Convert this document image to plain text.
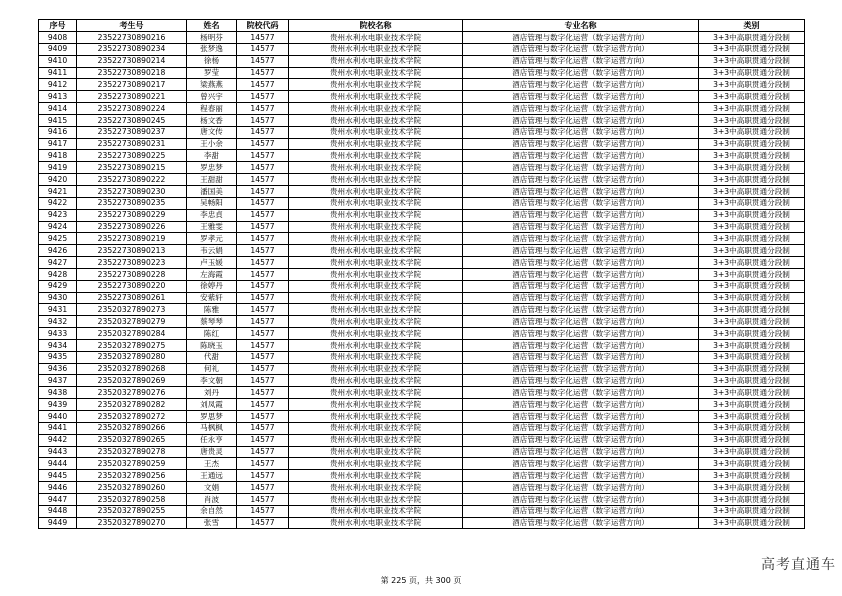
序号	考生号	姓名	院校代码	院校名称	专业名称	类别
9408	23522730890216	杨明芬	14577	贵州水利水电职业技术学院	酒店管理与数字化运营（数字运营方向）	3+3中高职贯通分段制
9409	23522730890234	张梦逸	14577	贵州水利水电职业技术学院	酒店管理与数字化运营（数字运营方向）	3+3中高职贯通分段制
9410	23522730890214	徐杨	14577	贵州水利水电职业技术学院	酒店管理与数字化运营（数字运营方向）	3+3中高职贯通分段制
9411	23522730890218	罗莹	14577	贵州水利水电职业技术学院	酒店管理与数字化运营（数字运营方向）	3+3中高职贯通分段制
9412	23522730890217	梁燕燕	14577	贵州水利水电职业技术学院	酒店管理与数字化运营（数字运营方向）	3+3中高职贯通分段制
9413	23522730890221	曾兴宇	14577	贵州水利水电职业技术学院	酒店管理与数字化运营（数字运营方向）	3+3中高职贯通分段制
9414	23522730890224	程春丽	14577	贵州水利水电职业技术学院	酒店管理与数字化运营（数字运营方向）	3+3中高职贯通分段制
9415	23522730890245	杨文香	14577	贵州水利水电职业技术学院	酒店管理与数字化运营（数字运营方向）	3+3中高职贯通分段制
9416	23522730890237	唐文传	14577	贵州水利水电职业技术学院	酒店管理与数字化运营（数字运营方向）	3+3中高职贯通分段制
9417	23522730890231	王小余	14577	贵州水利水电职业技术学院	酒店管理与数字化运营（数字运营方向）	3+3中高职贯通分段制
9418	23522730890225	李甜	14577	贵州水利水电职业技术学院	酒店管理与数字化运营（数字运营方向）	3+3中高职贯通分段制
9419	23522730890215	罗忠梦	14577	贵州水利水电职业技术学院	酒店管理与数字化运营（数字运营方向）	3+3中高职贯通分段制
9420	23522730890222	王甜甜	14577	贵州水利水电职业技术学院	酒店管理与数字化运营（数字运营方向）	3+3中高职贯通分段制
9421	23522730890230	潘国美	14577	贵州水利水电职业技术学院	酒店管理与数字化运营（数字运营方向）	3+3中高职贯通分段制
9422	23522730890235	吴畅阳	14577	贵州水利水电职业技术学院	酒店管理与数字化运营（数字运营方向）	3+3中高职贯通分段制
9423	23522730890229	李忠貞	14577	贵州水利水电职业技术学院	酒店管理与数字化运营（数字运营方向）	3+3中高职贯通分段制
9424	23522730890226	王雅雯	14577	贵州水利水电职业技术学院	酒店管理与数字化运营（数字运营方向）	3+3中高职贯通分段制
9425	23522730890219	罗孝元	14577	贵州水利水电职业技术学院	酒店管理与数字化运营（数字运营方向）	3+3中高职贯通分段制
9426	23522730890213	韦云娟	14577	贵州水利水电职业技术学院	酒店管理与数字化运营（数字运营方向）	3+3中高职贯通分段制
9427	23522730890223	卢玉媛	14577	贵州水利水电职业技术学院	酒店管理与数字化运营（数字运营方向）	3+3中高职贯通分段制
9428	23522730890228	左海霞	14577	贵州水利水电职业技术学院	酒店管理与数字化运营（数字运营方向）	3+3中高职贯通分段制
9429	23522730890220	徐婷丹	14577	贵州水利水电职业技术学院	酒店管理与数字化运营（数字运营方向）	3+3中高职贯通分段制
9430	23522730890261	安紫轩	14577	贵州水利水电职业技术学院	酒店管理与数字化运营（数字运营方向）	3+3中高职贯通分段制
9431	23520327890273	陈雅	14577	贵州水利水电职业技术学院	酒店管理与数字化运营（数字运营方向）	3+3中高职贯通分段制
9432	23520327890279	蔡琴琴	14577	贵州水利水电职业技术学院	酒店管理与数字化运营（数字运营方向）	3+3中高职贯通分段制
9433	23520327890284	陈红	14577	贵州水利水电职业技术学院	酒店管理与数字化运营（数字运营方向）	3+3中高职贯通分段制
9434	23520327890275	陈晓玉	14577	贵州水利水电职业技术学院	酒店管理与数字化运营（数字运营方向）	3+3中高职贯通分段制
9435	23520327890280	代甜	14577	贵州水利水电职业技术学院	酒店管理与数字化运营（数字运营方向）	3+3中高职贯通分段制
9436	23520327890268	何礼	14577	贵州水利水电职业技术学院	酒店管理与数字化运营（数字运营方向）	3+3中高职贯通分段制
9437	23520327890269	李文朝	14577	贵州水利水电职业技术学院	酒店管理与数字化运营（数字运营方向）	3+3中高职贯通分段制
9438	23520327890276	刘丹	14577	贵州水利水电职业技术学院	酒店管理与数字化运营（数字运营方向）	3+3中高职贯通分段制
9439	23520327890282	刘凤霞	14577	贵州水利水电职业技术学院	酒店管理与数字化运营（数字运营方向）	3+3中高职贯通分段制
9440	23520327890272	罗思梦	14577	贵州水利水电职业技术学院	酒店管理与数字化运营（数字运营方向）	3+3中高职贯通分段制
9441	23520327890266	马枫枫	14577	贵州水利水电职业技术学院	酒店管理与数字化运营（数字运营方向）	3+3中高职贯通分段制
9442	23520327890265	任永亨	14577	贵州水利水电职业技术学院	酒店管理与数字化运营（数字运营方向）	3+3中高职贯通分段制
9443	23520327890278	唐贵灵	14577	贵州水利水电职业技术学院	酒店管理与数字化运营（数字运营方向）	3+3中高职贯通分段制
9444	23520327890259	王杰	14577	贵州水利水电职业技术学院	酒店管理与数字化运营（数字运营方向）	3+3中高职贯通分段制
9445	23520327890256	王通远	14577	贵州水利水电职业技术学院	酒店管理与数字化运营（数字运营方向）	3+3中高职贯通分段制
9446	23520327890260	文娟	14577	贵州水利水电职业技术学院	酒店管理与数字化运营（数字运营方向）	3+3中高职贯通分段制
9447	23520327890258	肖波	14577	贵州水利水电职业技术学院	酒店管理与数字化运营（数字运营方向）	3+3中高职贯通分段制
9448	23520327890255	余自然	14577	贵州水利水电职业技术学院	酒店管理与数字化运营（数字运营方向）	3+3中高职贯通分段制
9449	23520327890270	张雪	14577	贵州水利水电职业技术学院	酒店管理与数字化运营（数字运营方向）	3+3中高职贯通分段制
第 225 页，共 300 页
高考直通车
